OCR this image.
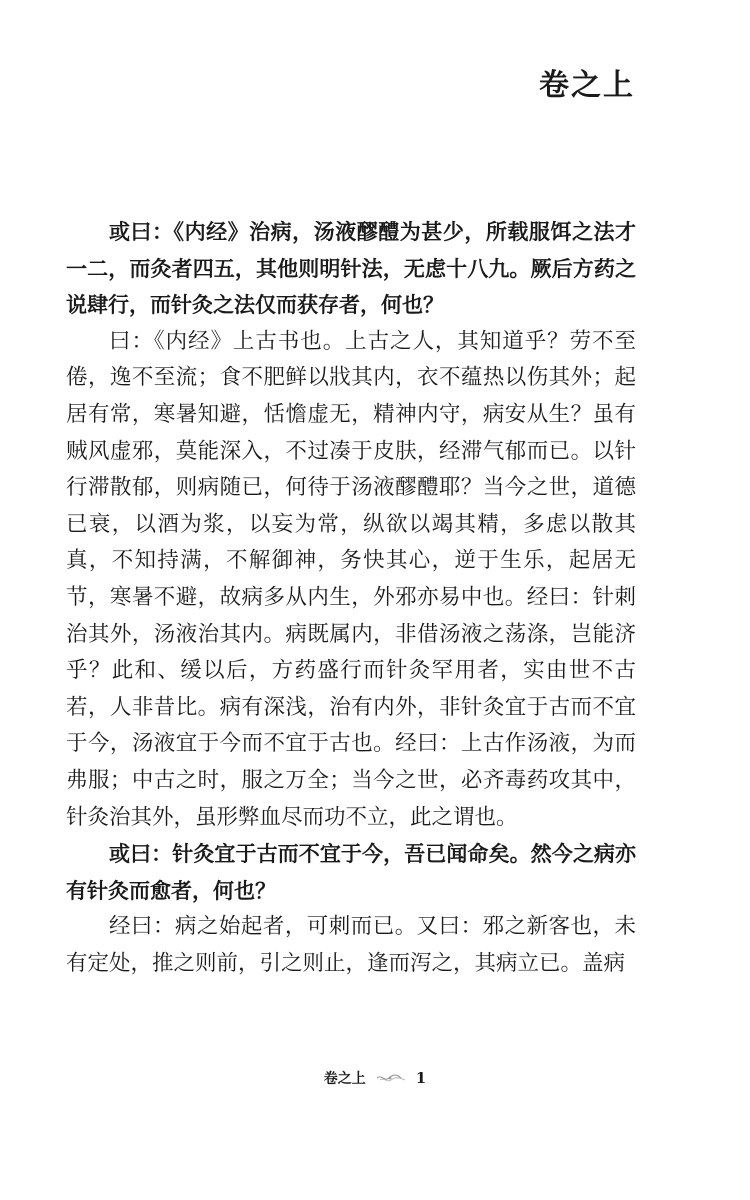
卷之上

或曰：《内经》治病，汤液醪醴为甚少，所载服饵之法才一二，而灸者四五，其他则明针法，无虑十八九。厥后方药之说肆行，而针灸之法仅而获存者，何也？

曰：《内经》上古书也。上古之人，其知道乎？劳不至倦，逸不至流；食不肥鲜以戕其内，衣不蕴热以伤其外；起居有常，寒暑知避，恬憺虚无，精神内守，病安从生？虽有贼风虚邪，莫能深入，不过凑于皮肤，经滞气郁而已。以针行滞散郁，则病随已，何待于汤液醪醴耶？当今之世，道德已衰，以酒为浆，以妄为常，纵欲以竭其精，多虑以散其真，不知持满，不解御神，务快其心，逆于生乐，起居无节，寒暑不避，故病多从内生，外邪亦易中也。经曰：针刺治其外，汤液治其内。病既属内，非借汤液之荡涤，岂能济乎？此和、缓以后，方药盛行而针灸罕用者，实由世不古若，人非昔比。病有深浅，治有内外，非针灸宜于古而不宜于今，汤液宜于今而不宜于古也。经曰：上古作汤液，为而弗服；中古之时，服之万全；当今之世，必齐毒药攻其中，针灸治其外，虽形弊血尽而功不立，此之谓也。

或曰：针灸宜于古而不宜于今，吾已闻命矣。然今之病亦有针灸而愈者，何也？

经曰：病之始起者，可刺而已。又曰：邪之新客也，未有定处，推之则前，引之则止，逢而泻之，其病立已。盖病

卷之上	1
